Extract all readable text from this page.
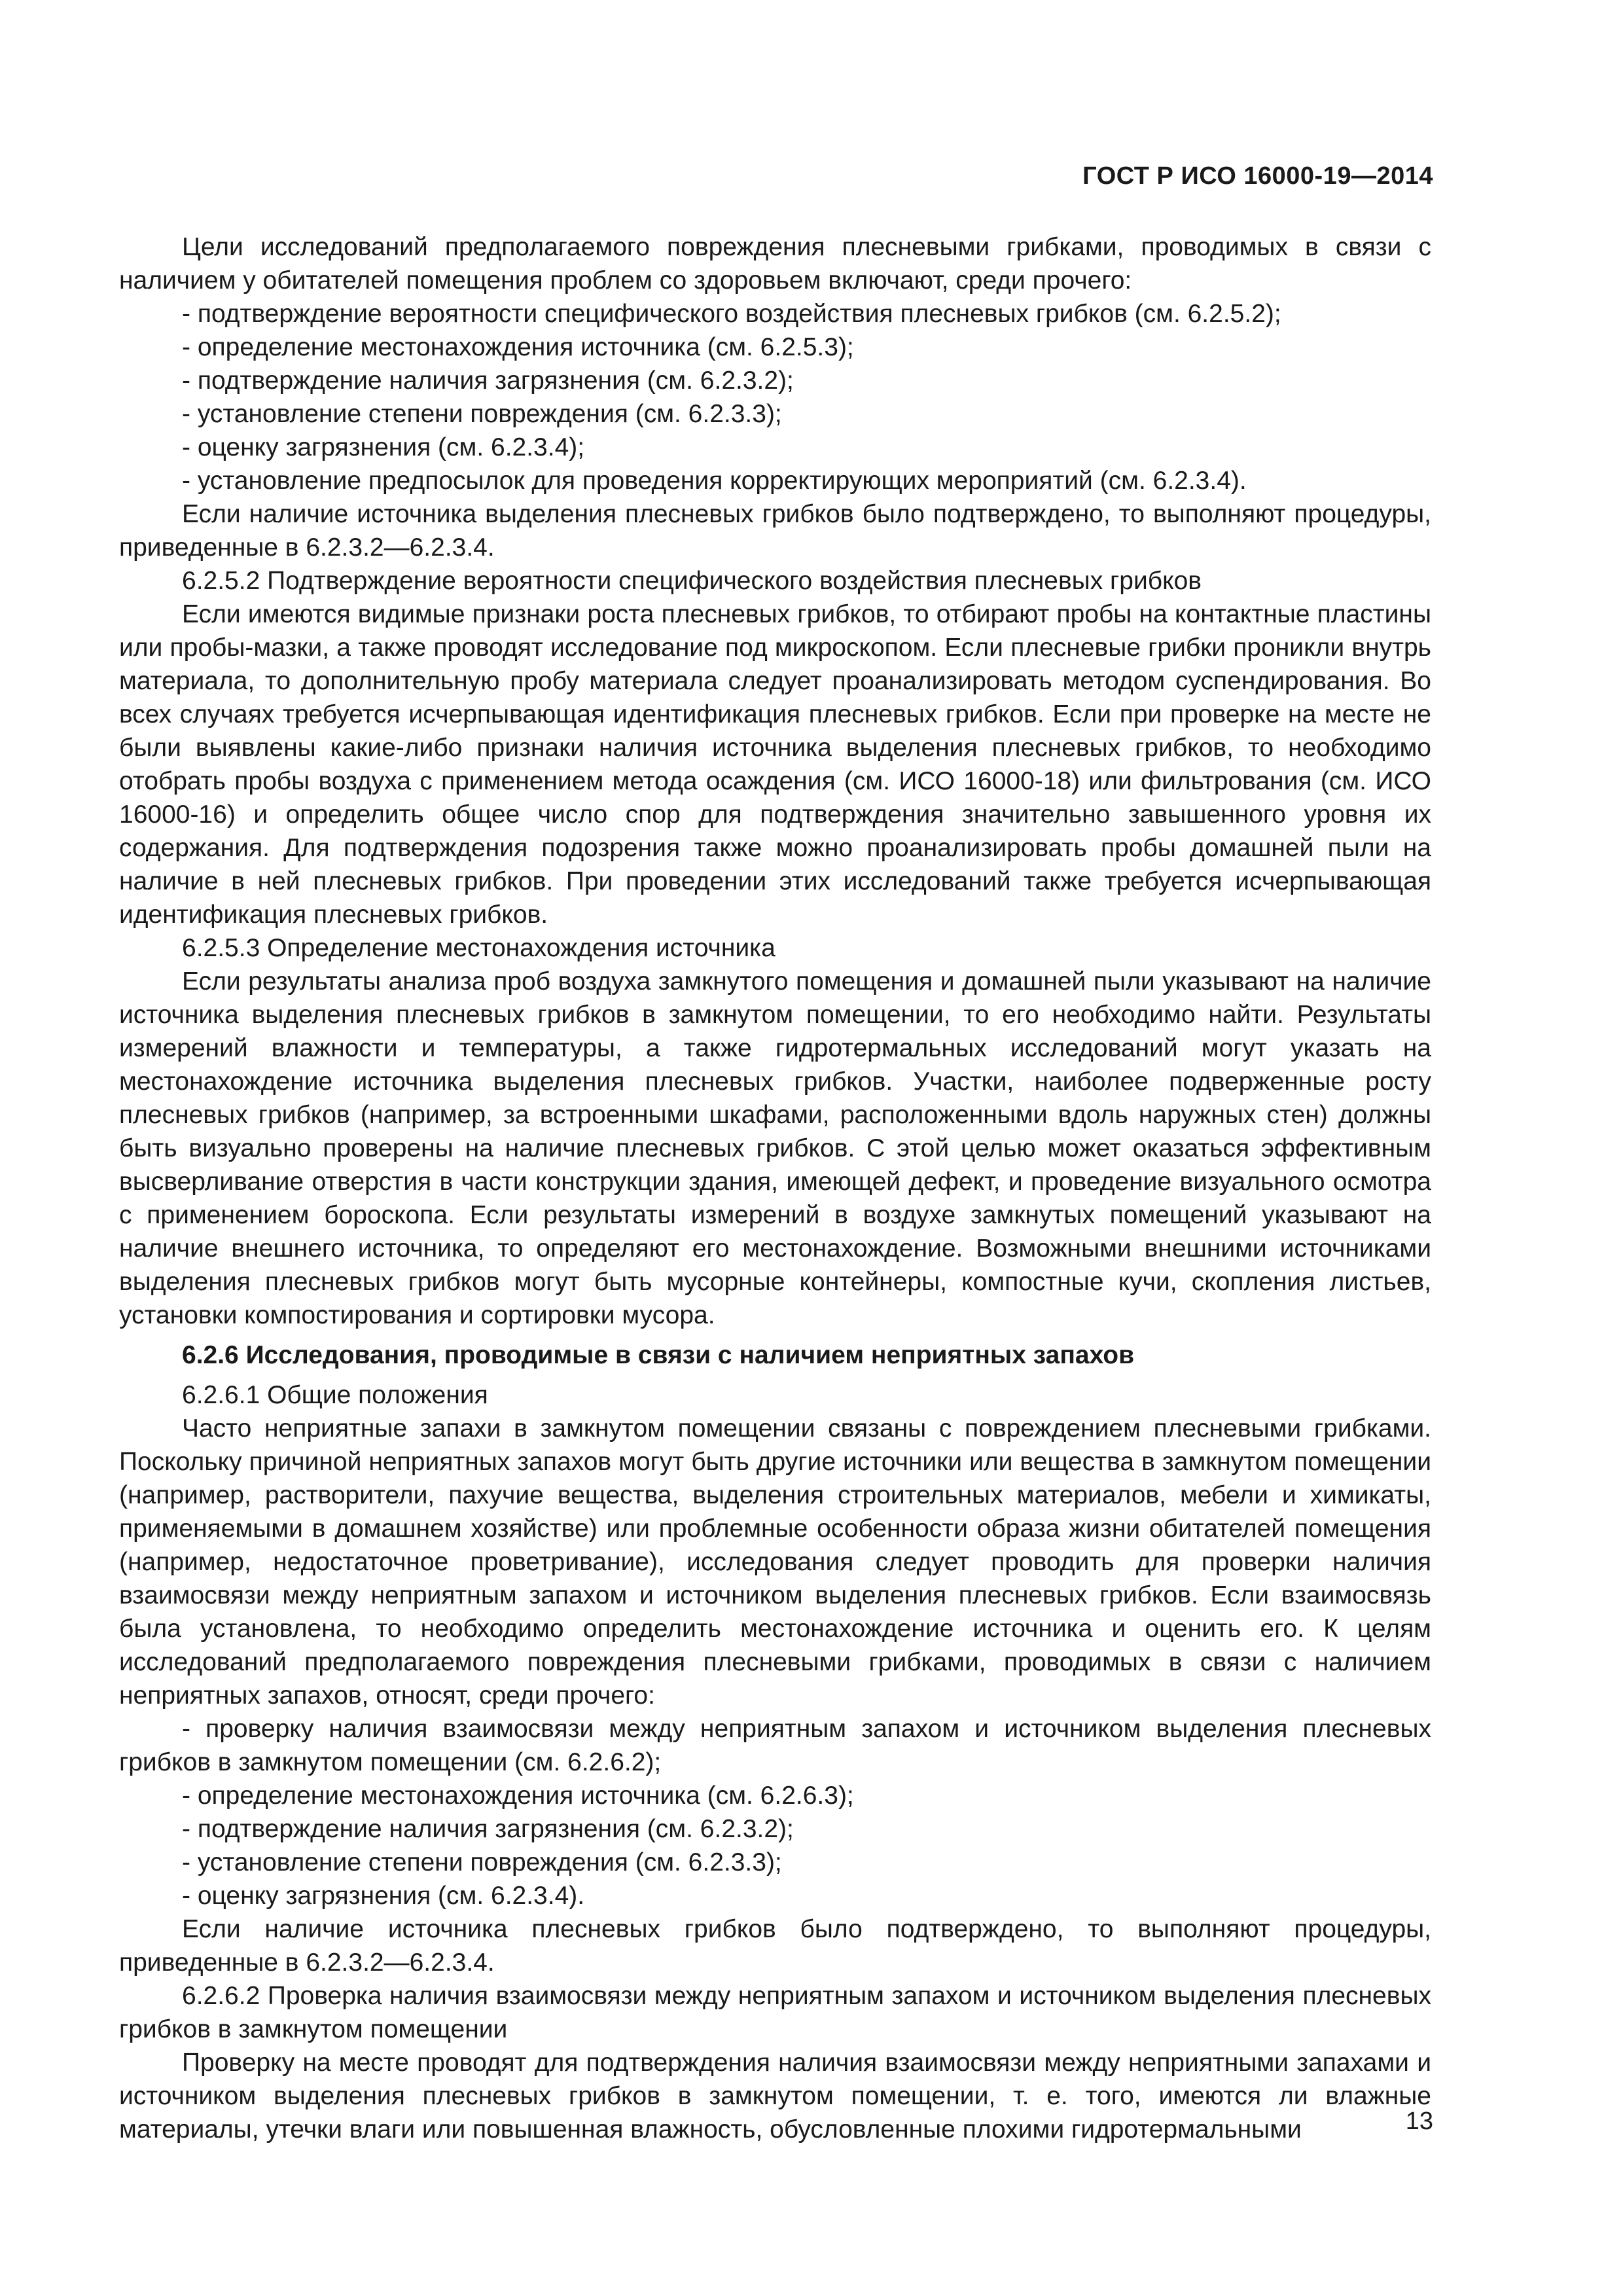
ГОСТ Р ИСО 16000-19—2014

Цели исследований предполагаемого повреждения плесневыми грибками, проводимых в связи с наличием у обитателей помещения проблем со здоровьем включают, среди прочего:

- подтверждение вероятности специфического воздействия плесневых грибков (см. 6.2.5.2);

- определение местонахождения источника (см. 6.2.5.3);

- подтверждение наличия загрязнения (см. 6.2.3.2);

- установление степени повреждения (см. 6.2.3.3);

- оценку загрязнения (см. 6.2.3.4);

- установление предпосылок для проведения корректирующих мероприятий (см. 6.2.3.4).

Если наличие источника выделения плесневых грибков было подтверждено, то выполняют процедуры, приведенные в 6.2.3.2—6.2.3.4.

6.2.5.2 Подтверждение вероятности специфического воздействия плесневых грибков

Если имеются видимые признаки роста плесневых грибков, то отбирают пробы на контактные пластины или пробы-мазки, а также проводят исследование под микроскопом. Если плесневые грибки проникли внутрь материала, то дополнительную пробу материала следует проанализировать методом суспендирования. Во всех случаях требуется исчерпывающая идентификация плесневых грибков. Если при проверке на месте не были выявлены какие-либо признаки наличия источника выделения плесневых грибков, то необходимо отобрать пробы воздуха с применением метода осаждения (см. ИСО 16000-18) или фильтрования (см. ИСО 16000-16) и определить общее число спор для подтверждения значительно завышенного уровня их содержания. Для подтверждения подозрения также можно проанализировать пробы домашней пыли на наличие в ней плесневых грибков. При проведении этих исследований также требуется исчерпывающая идентификация плесневых грибков.

6.2.5.3 Определение местонахождения источника

Если результаты анализа проб воздуха замкнутого помещения и домашней пыли указывают на наличие источника выделения плесневых грибков в замкнутом помещении, то его необходимо найти. Результаты измерений влажности и температуры, а также гидротермальных исследований могут указать на местонахождение источника выделения плесневых грибков. Участки, наиболее подверженные росту плесневых грибков (например, за встроенными шкафами, расположенными вдоль наружных стен) должны быть визуально проверены на наличие плесневых грибков. С этой целью может оказаться эффективным высверливание отверстия в части конструкции здания, имеющей дефект, и проведение визуального осмотра с применением бороскопа. Если результаты измерений в воздухе замкнутых помещений указывают на наличие внешнего источника, то определяют его местонахождение. Возможными внешними источниками выделения плесневых грибков могут быть мусорные контейнеры, компостные кучи, скопления листьев, установки компостирования и сортировки мусора.

6.2.6 Исследования, проводимые в связи с наличием неприятных запахов

6.2.6.1 Общие положения

Часто неприятные запахи в замкнутом помещении связаны с повреждением плесневыми грибками. Поскольку причиной неприятных запахов могут быть другие источники или вещества в замкнутом помещении (например, растворители, пахучие вещества, выделения строительных материалов, мебели и химикаты, применяемыми в домашнем хозяйстве) или проблемные особенности образа жизни обитателей помещения (например, недостаточное проветривание), исследования следует проводить для проверки наличия взаимосвязи между неприятным запахом и источником выделения плесневых грибков. Если взаимосвязь была установлена, то необходимо определить местонахождение источника и оценить его. К целям исследований предполагаемого повреждения плесневыми грибками, проводимых в связи с наличием неприятных запахов, относят, среди прочего:

- проверку наличия взаимосвязи между неприятным запахом и источником выделения плесневых грибков в замкнутом помещении (см. 6.2.6.2);

- определение местонахождения источника (см. 6.2.6.3);

- подтверждение наличия загрязнения (см. 6.2.3.2);

- установление степени повреждения (см. 6.2.3.3);

- оценку загрязнения (см. 6.2.3.4).

Если наличие источника плесневых грибков было подтверждено, то выполняют процедуры, приведенные в 6.2.3.2—6.2.3.4.

6.2.6.2 Проверка наличия взаимосвязи между неприятным запахом и источником выделения плесневых грибков в замкнутом помещении

Проверку на месте проводят для подтверждения наличия взаимосвязи между неприятными запахами и источником выделения плесневых грибков в замкнутом помещении, т. е. того, имеются ли влажные материалы, утечки влаги или повышенная влажность, обусловленные плохими гидротермальными	13
